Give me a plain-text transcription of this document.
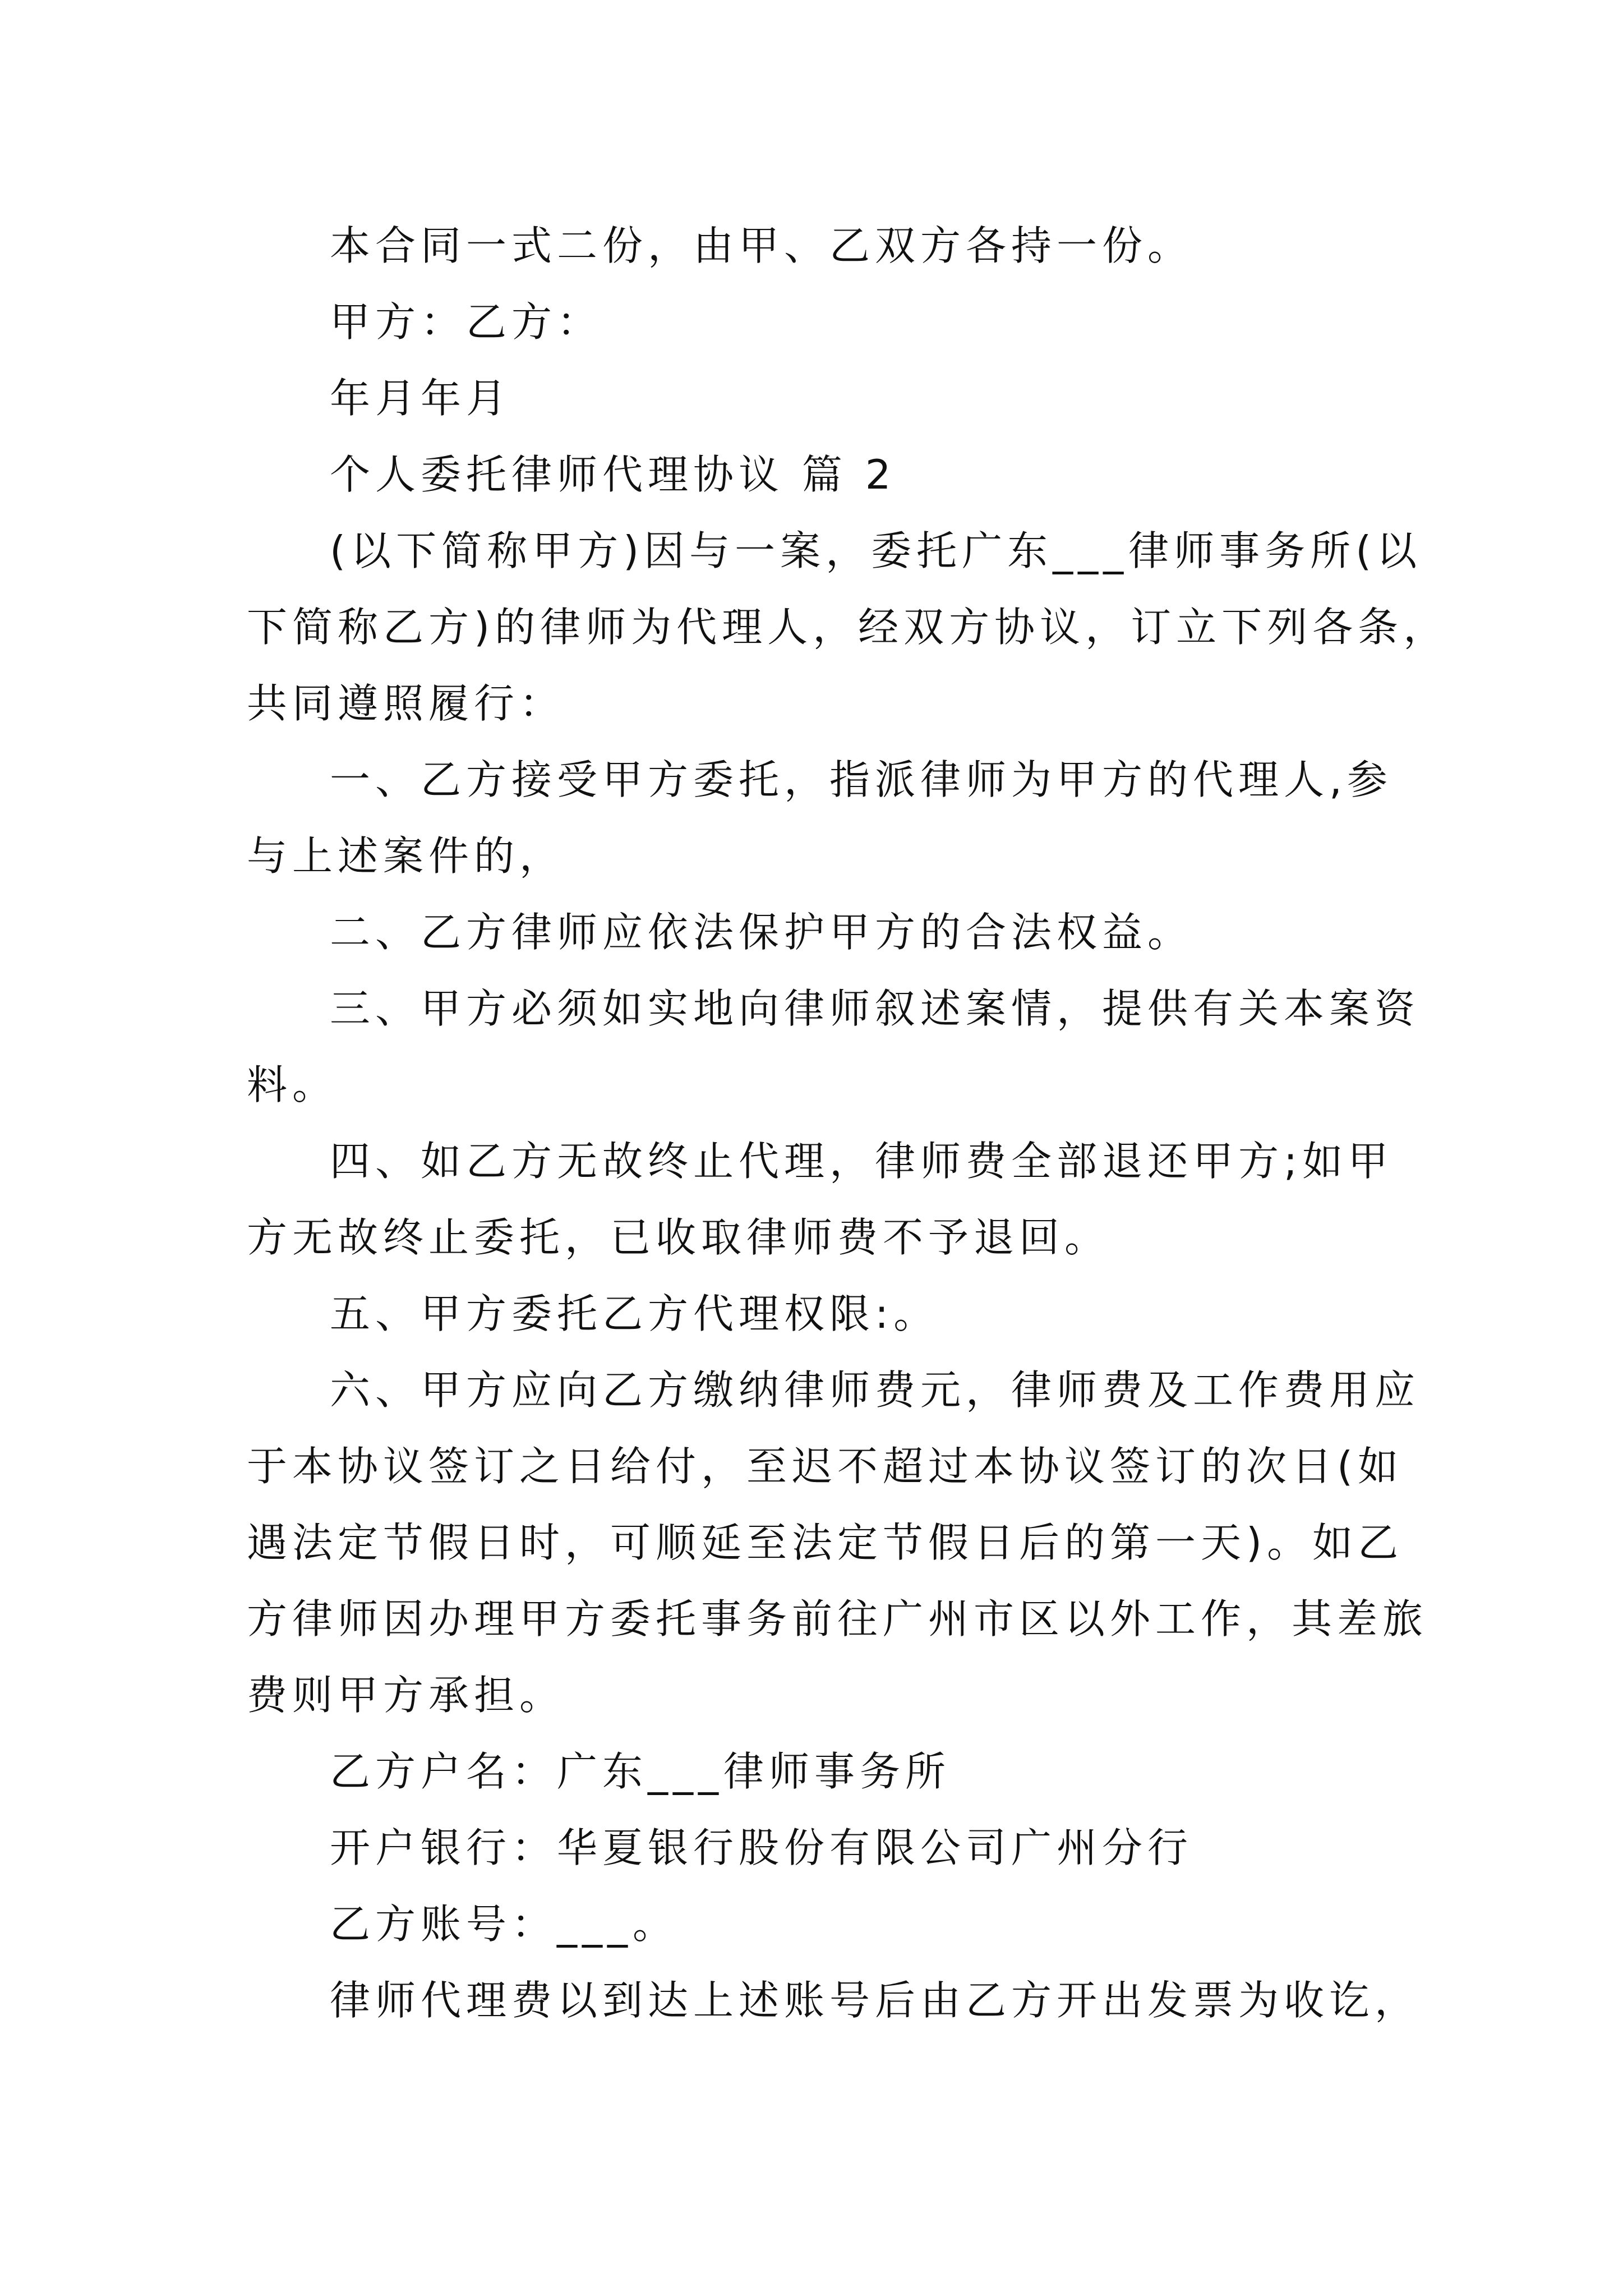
本合同一式二份，由甲、乙双方各持一份。
甲方：乙方：
年月年月
个人委托律师代理协议 篇 2
(以下简称甲方)因与一案，委托广东___律师事务所(以
下简称乙方)的律师为代理人，经双方协议，订立下列各条，
共同遵照履行：
一、乙方接受甲方委托，指派律师为甲方的代理人,参
与上述案件的，
二、乙方律师应依法保护甲方的合法权益。
三、甲方必须如实地向律师叙述案情，提供有关本案资
料。
四、如乙方无故终止代理，律师费全部退还甲方;如甲
方无故终止委托，已收取律师费不予退回。
五、甲方委托乙方代理权限:。
六、甲方应向乙方缴纳律师费元，律师费及工作费用应
于本协议签订之日给付，至迟不超过本协议签订的次日(如
遇法定节假日时，可顺延至法定节假日后的第一天)。如乙
方律师因办理甲方委托事务前往广州市区以外工作，其差旅
费则甲方承担。
乙方户名：广东___律师事务所
开户银行：华夏银行股份有限公司广州分行
乙方账号：___。
律师代理费以到达上述账号后由乙方开出发票为收讫，
